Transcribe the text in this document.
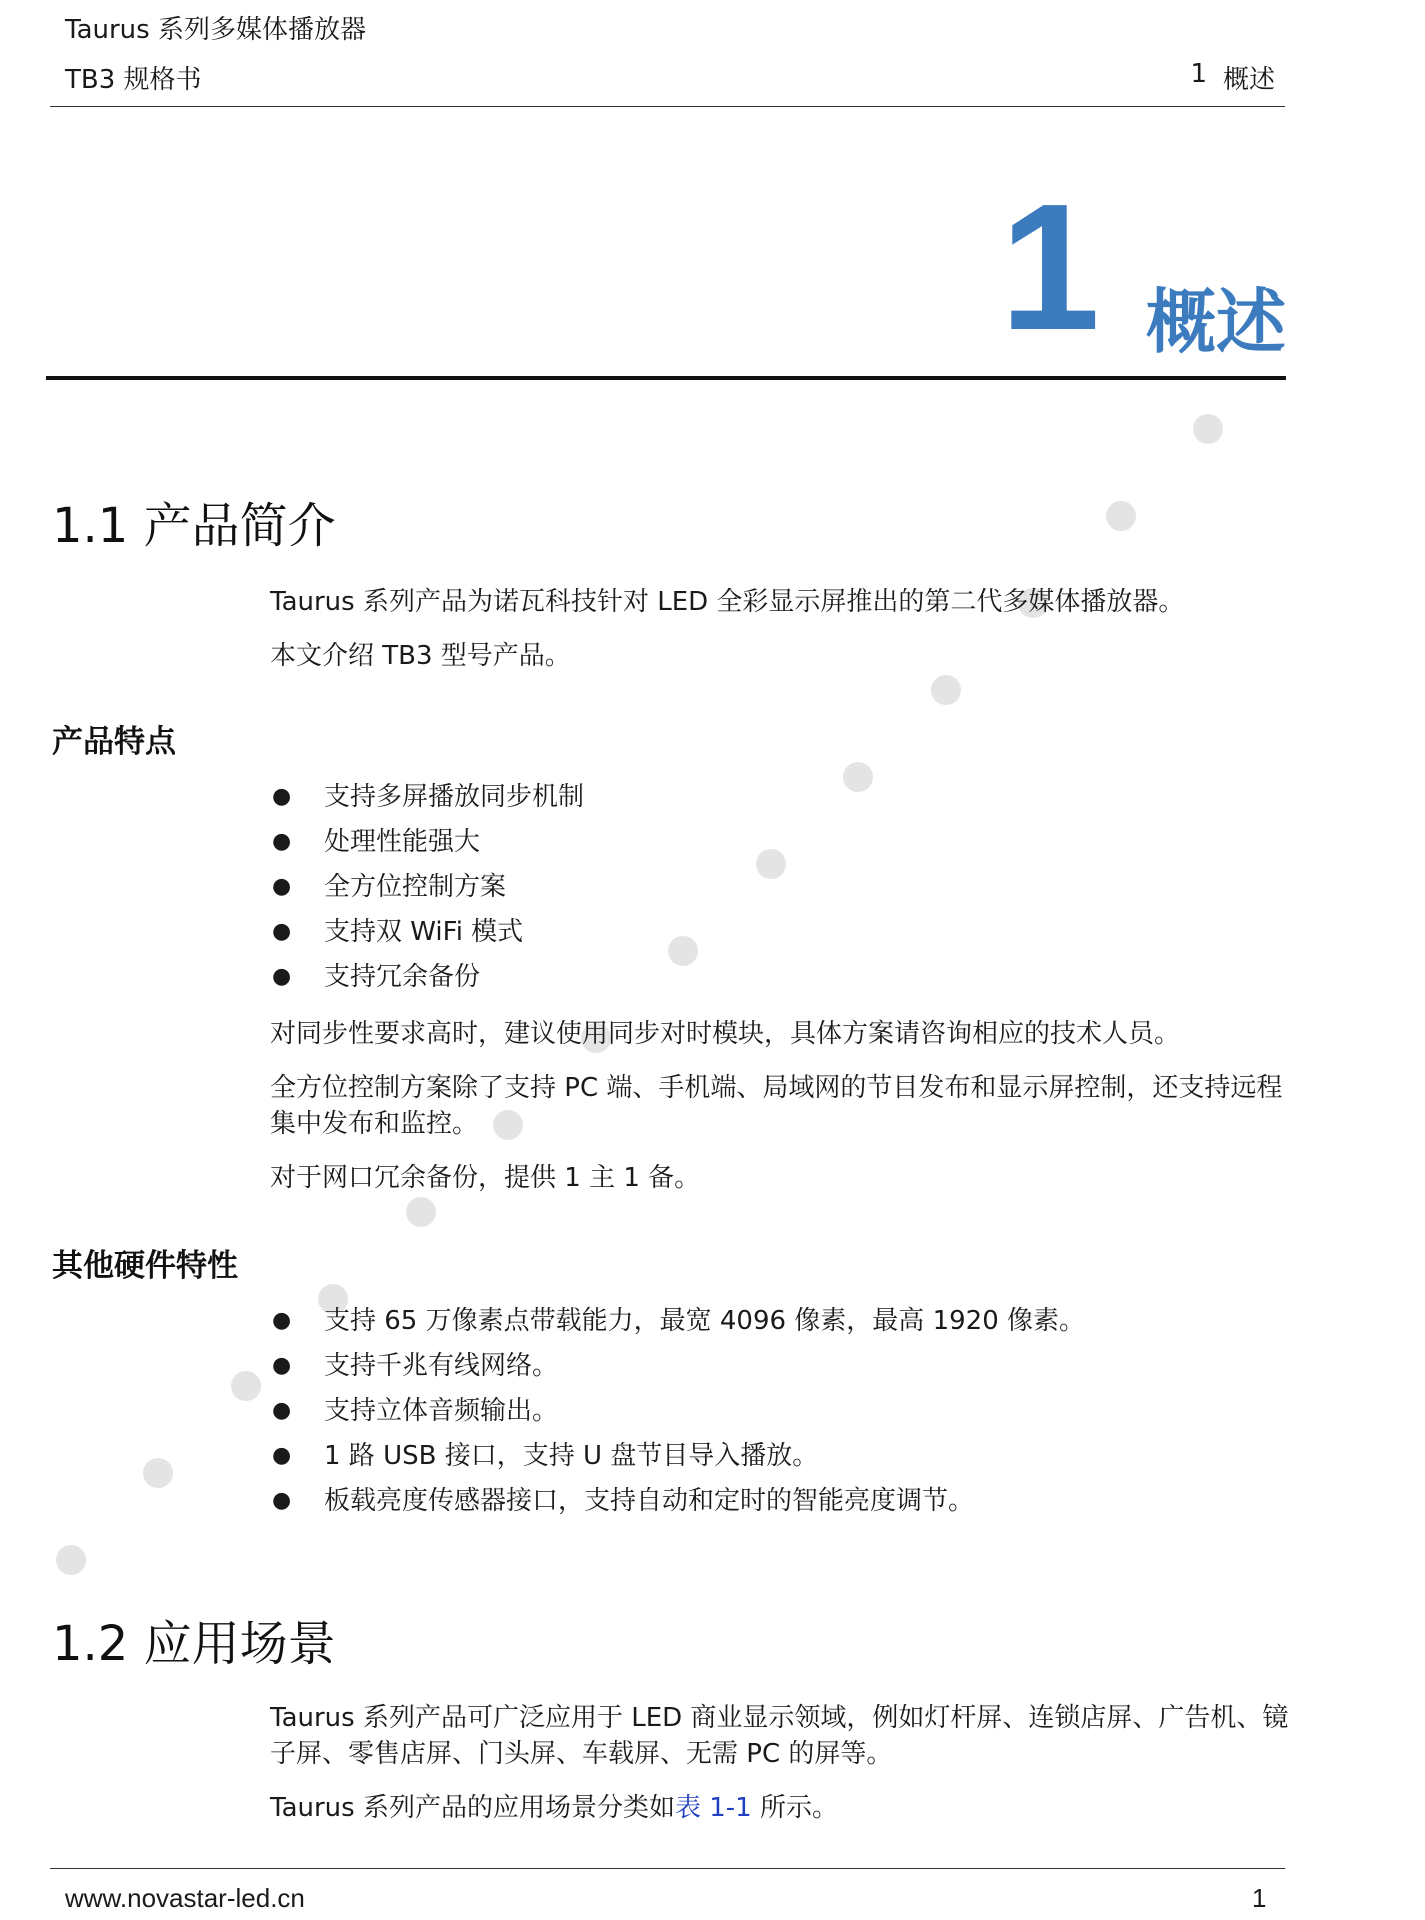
Taurus 系列多媒体播放器
TB3 规格书	1 概述
1 概述
1.1 产品简介
Taurus 系列产品为诺瓦科技针对 LED 全彩显示屏推出的第二代多媒体播放器。
本文介绍 TB3 型号产品。
产品特点
● 支持多屏播放同步机制
● 处理性能强大
● 全方位控制方案
● 支持双 WiFi 模式
● 支持冗余备份
对同步性要求高时，建议使用同步对时模块，具体方案请咨询相应的技术人员。
全方位控制方案除了支持 PC 端、手机端、局域网的节目发布和显示屏控制，还支持远程集中发布和监控。
对于网口冗余备份，提供 1 主 1 备。
其他硬件特性
● 支持 65 万像素点带载能力，最宽 4096 像素，最高 1920 像素。
● 支持千兆有线网络。
● 支持立体音频输出。
● 1 路 USB 接口，支持 U 盘节目导入播放。
● 板载亮度传感器接口，支持自动和定时的智能亮度调节。
1.2 应用场景
Taurus 系列产品可广泛应用于 LED 商业显示领域，例如灯杆屏、连锁店屏、广告机、镜子屏、零售店屏、门头屏、车载屏、无需 PC 的屏等。
Taurus 系列产品的应用场景分类如表 1-1 所示。
www.novastar-led.cn	1
